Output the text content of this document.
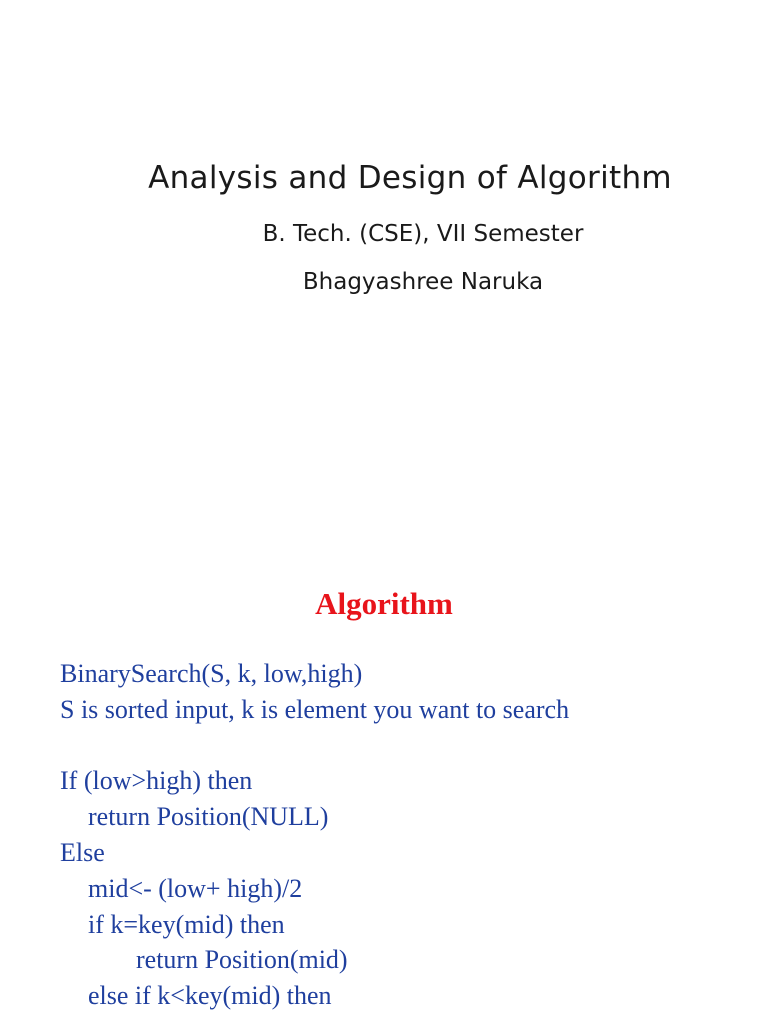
Analysis and Design of Algorithm
B. Tech. (CSE), VII Semester
Bhagyashree Naruka
Algorithm
BinarySearch(S, k, low,high)
S is sorted input, k is element you want to search
If (low>high) then
return Position(NULL)
Else
mid<- (low+ high)/2
if k=key(mid) then
return Position(mid)
else if k<key(mid) then
